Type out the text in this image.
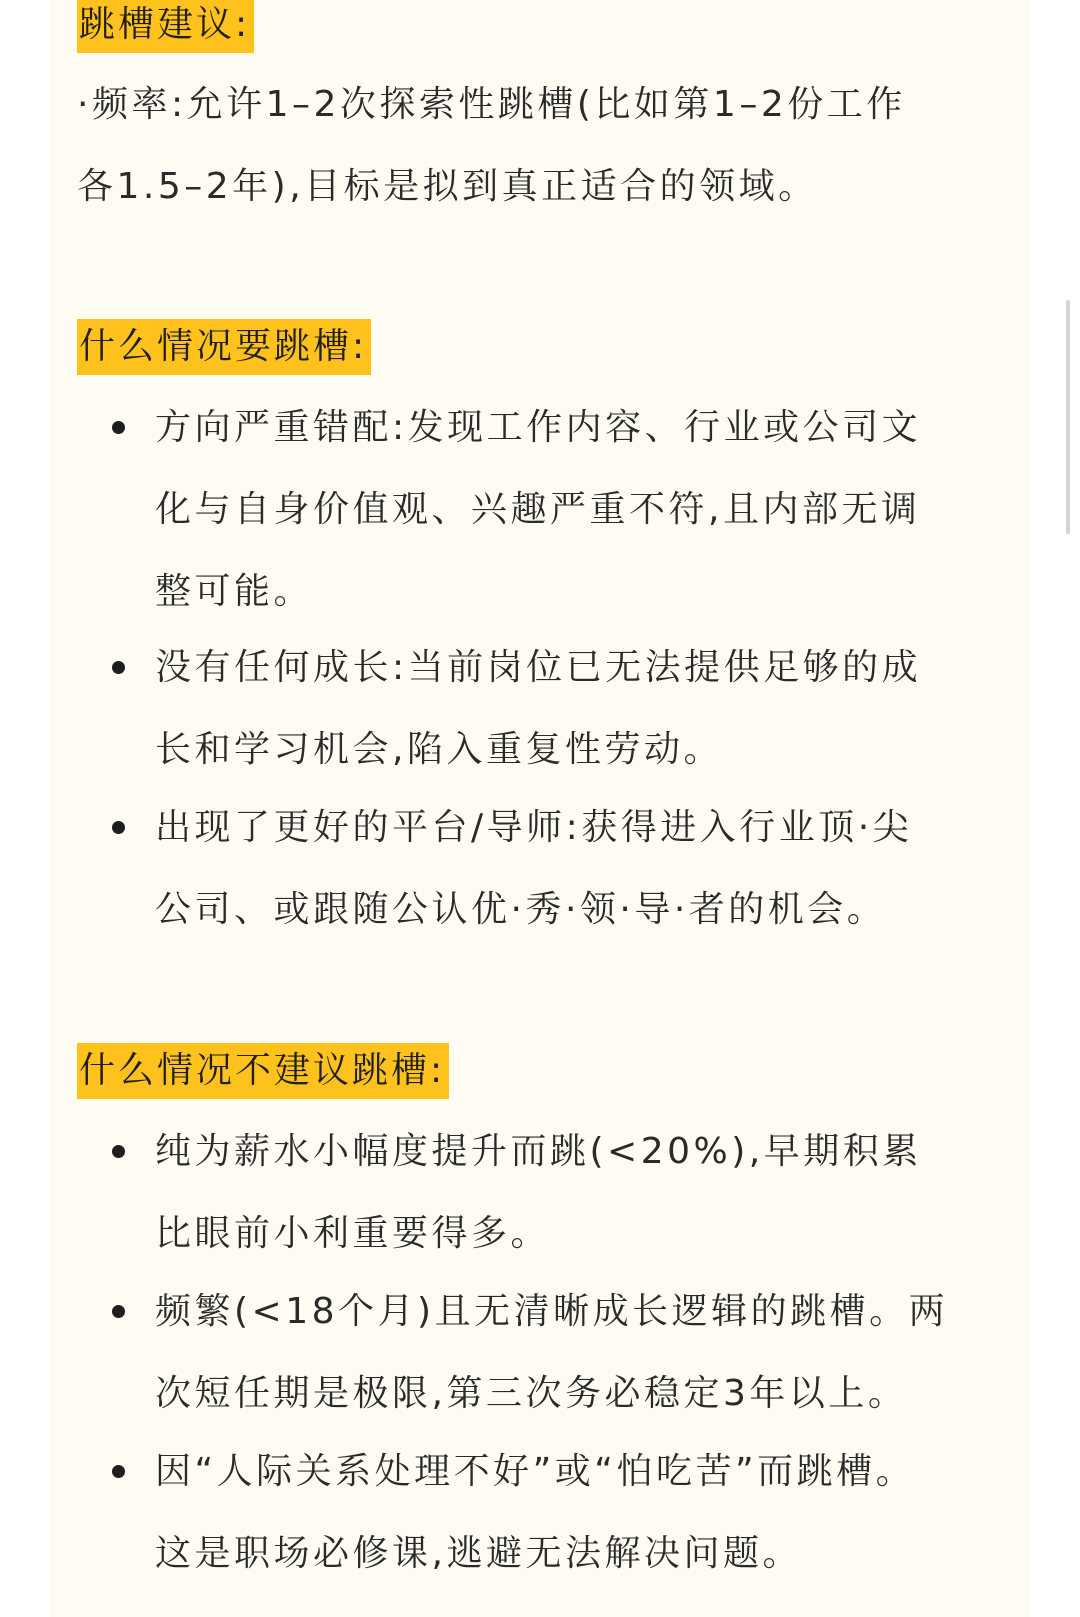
跳槽建议:
·频率:允许1–2次探索性跳槽(比如第1–2份工作
各1.5–2年),目标是拟到真正适合的领域。
什么情况要跳槽:
方向严重错配:发现工作内容、行业或公司文
化与自身价值观、兴趣严重不符,且内部无调
整可能。
没有任何成长:当前岗位已无法提供足够的成
长和学习机会,陷入重复性劳动。
出现了更好的平台/导师:获得进入行业顶·尖
公司、或跟随公认优·秀·领·导·者的机会。
什么情况不建议跳槽:
纯为薪水小幅度提升而跳(<20%),早期积累
比眼前小利重要得多。
频繁(<18个月)且无清晰成长逻辑的跳槽。两
次短任期是极限,第三次务必稳定3年以上。
因“人际关系处理不好”或“怕吃苦”而跳槽。
这是职场必修课,逃避无法解决问题。
